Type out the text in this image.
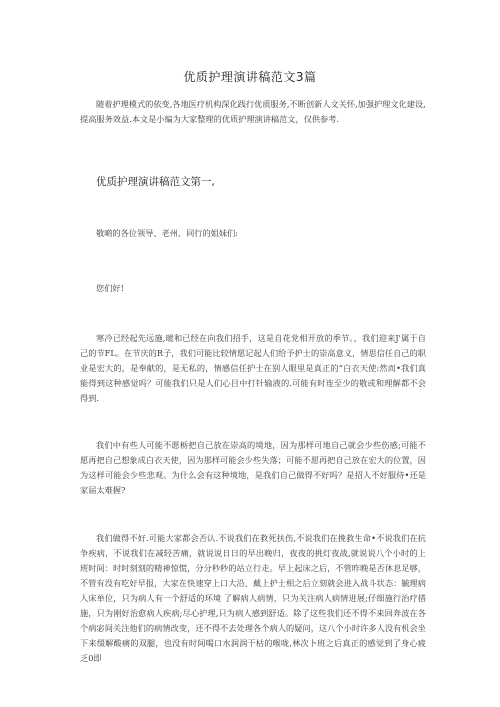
优质护理演讲稿范文3篇

随着护理模式的依变,各地医疗机构深化践行优质服务,不断创新人文关怀,加强护理文化建设,提高服务效益.本文是小编为大家整理的优质护理演讲稿范文，仅供参考.

优质护理演讲稿范文第一,

敬啲的各位领导、老州、同行的姐妹们:

您们好!

寒冷已经起先远施,暖和已经在向我们招手，这是自花党相开放的季节。，我们迎来J'属于自己的节FL。在节庆的R子，我们可能比较情愿记起人们给予护士的崇高意义，情思信任自己的职业是宏大的，是奉献的，是无私的，情感信任护士在别人眼里是真正的“白衣天使:然而•我们真能得到这种感觉吗？可能我们只是人们心目中打针输液的.可能有时连至少的敬或和理解都不会得到.

我们中有些人可能不愿栃把自己放在崇高的境地，因为那样可地自己就会少些伤感;可能不愿再把自己想象成白衣天使，因为那样可能会少些失落；可能不愿再把自己放在宏大的位置，因为这样可能会少些悲观。为什么会有这种境地，是我们自己做得不好吗？是招人不好服侍•还是家届太难握?

我们做得不好.可能大家都会否认.不说我们在救死扶伤,不说我们在挽救生命•不说我们在抗争疾病，不说我们在减轻苦痛，就说说日日的早出晚归，夜夜的挑灯夜战,就说说八个小时的上班时间：时时刻刻的精神惊慌，分分秒秒的站立行走。早上起床之后，不管昨晚是否休息足够，不管有没有吃好早报，大家在快速穿上口大沿、戴上护士相之后立刻就会进入战斗状态：毓理病人床单位，只为病人有一个舒适的环境 了解病人病情，只为关注病人病情进展;仔细施行治疗措施，只为刚好治愈病人疾病;尽心护理,只为病人感到舒适。除了这些我们还不得不来回奔波在各个病宓间关注他们的病情改变，还不得不去处理各个病人的疑问，这八个小时许多人没有机会坐下来缀解酸痛的双腿，也没有时间喝口水润润干枯的喉咙,林次卜班之后真正的感觉到了身心疲乏0即
